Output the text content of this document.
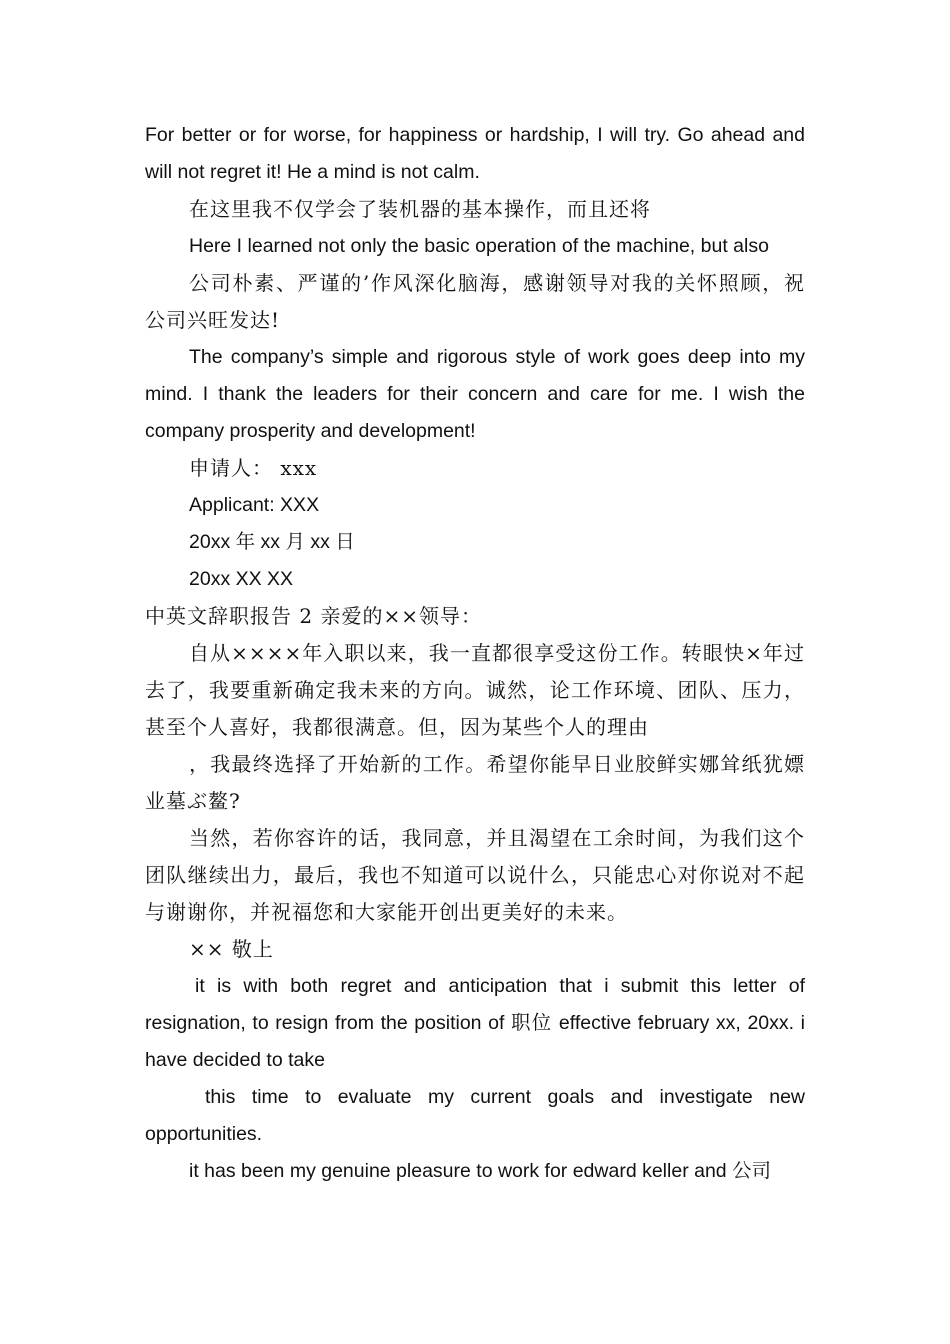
For better or for worse, for happiness or hardship, I will try. Go ahead and will not regret it! He a mind is not calm.

在这里我不仅学会了装机器的基本操作，而且还将

Here I learned not only the basic operation of the machine, but also

公司朴素、严谨的’作风深化脑海，感谢领导对我的关怀照顾，祝公司兴旺发达!

The company’s simple and rigorous style of work goes deep into my mind. I thank the leaders for their concern and care for me. I wish the company prosperity and development!

申请人： xxx

Applicant: XXX

20xx 年 xx 月 xx 日

20xx XX XX

中英文辞职报告 2 亲爱的××领导：

自从××××年入职以来，我一直都很享受这份工作。转眼快×年过去了，我要重新确定我未来的方向。诚然，论工作环境、团队、压力，甚至个人喜好，我都很满意。但，因为某些个人的理由

，我最终选择了开始新的工作。希望你能早日业胶鲜实娜耸纸犹嫖业墓ぶ鳌?

当然，若你容许的话，我同意，并且渴望在工余时间，为我们这个团队继续出力，最后，我也不知道可以说什么，只能忠心对你说对不起与谢谢你，并祝福您和大家能开创出更美好的未来。

×× 敬上

it is with both regret and anticipation that i submit this letter of resignation, to resign from the position of 职位 effective february xx, 20xx. i have decided to take

this time to evaluate my current goals and investigate new opportunities.

it has been my genuine pleasure to work for edward keller and 公司
